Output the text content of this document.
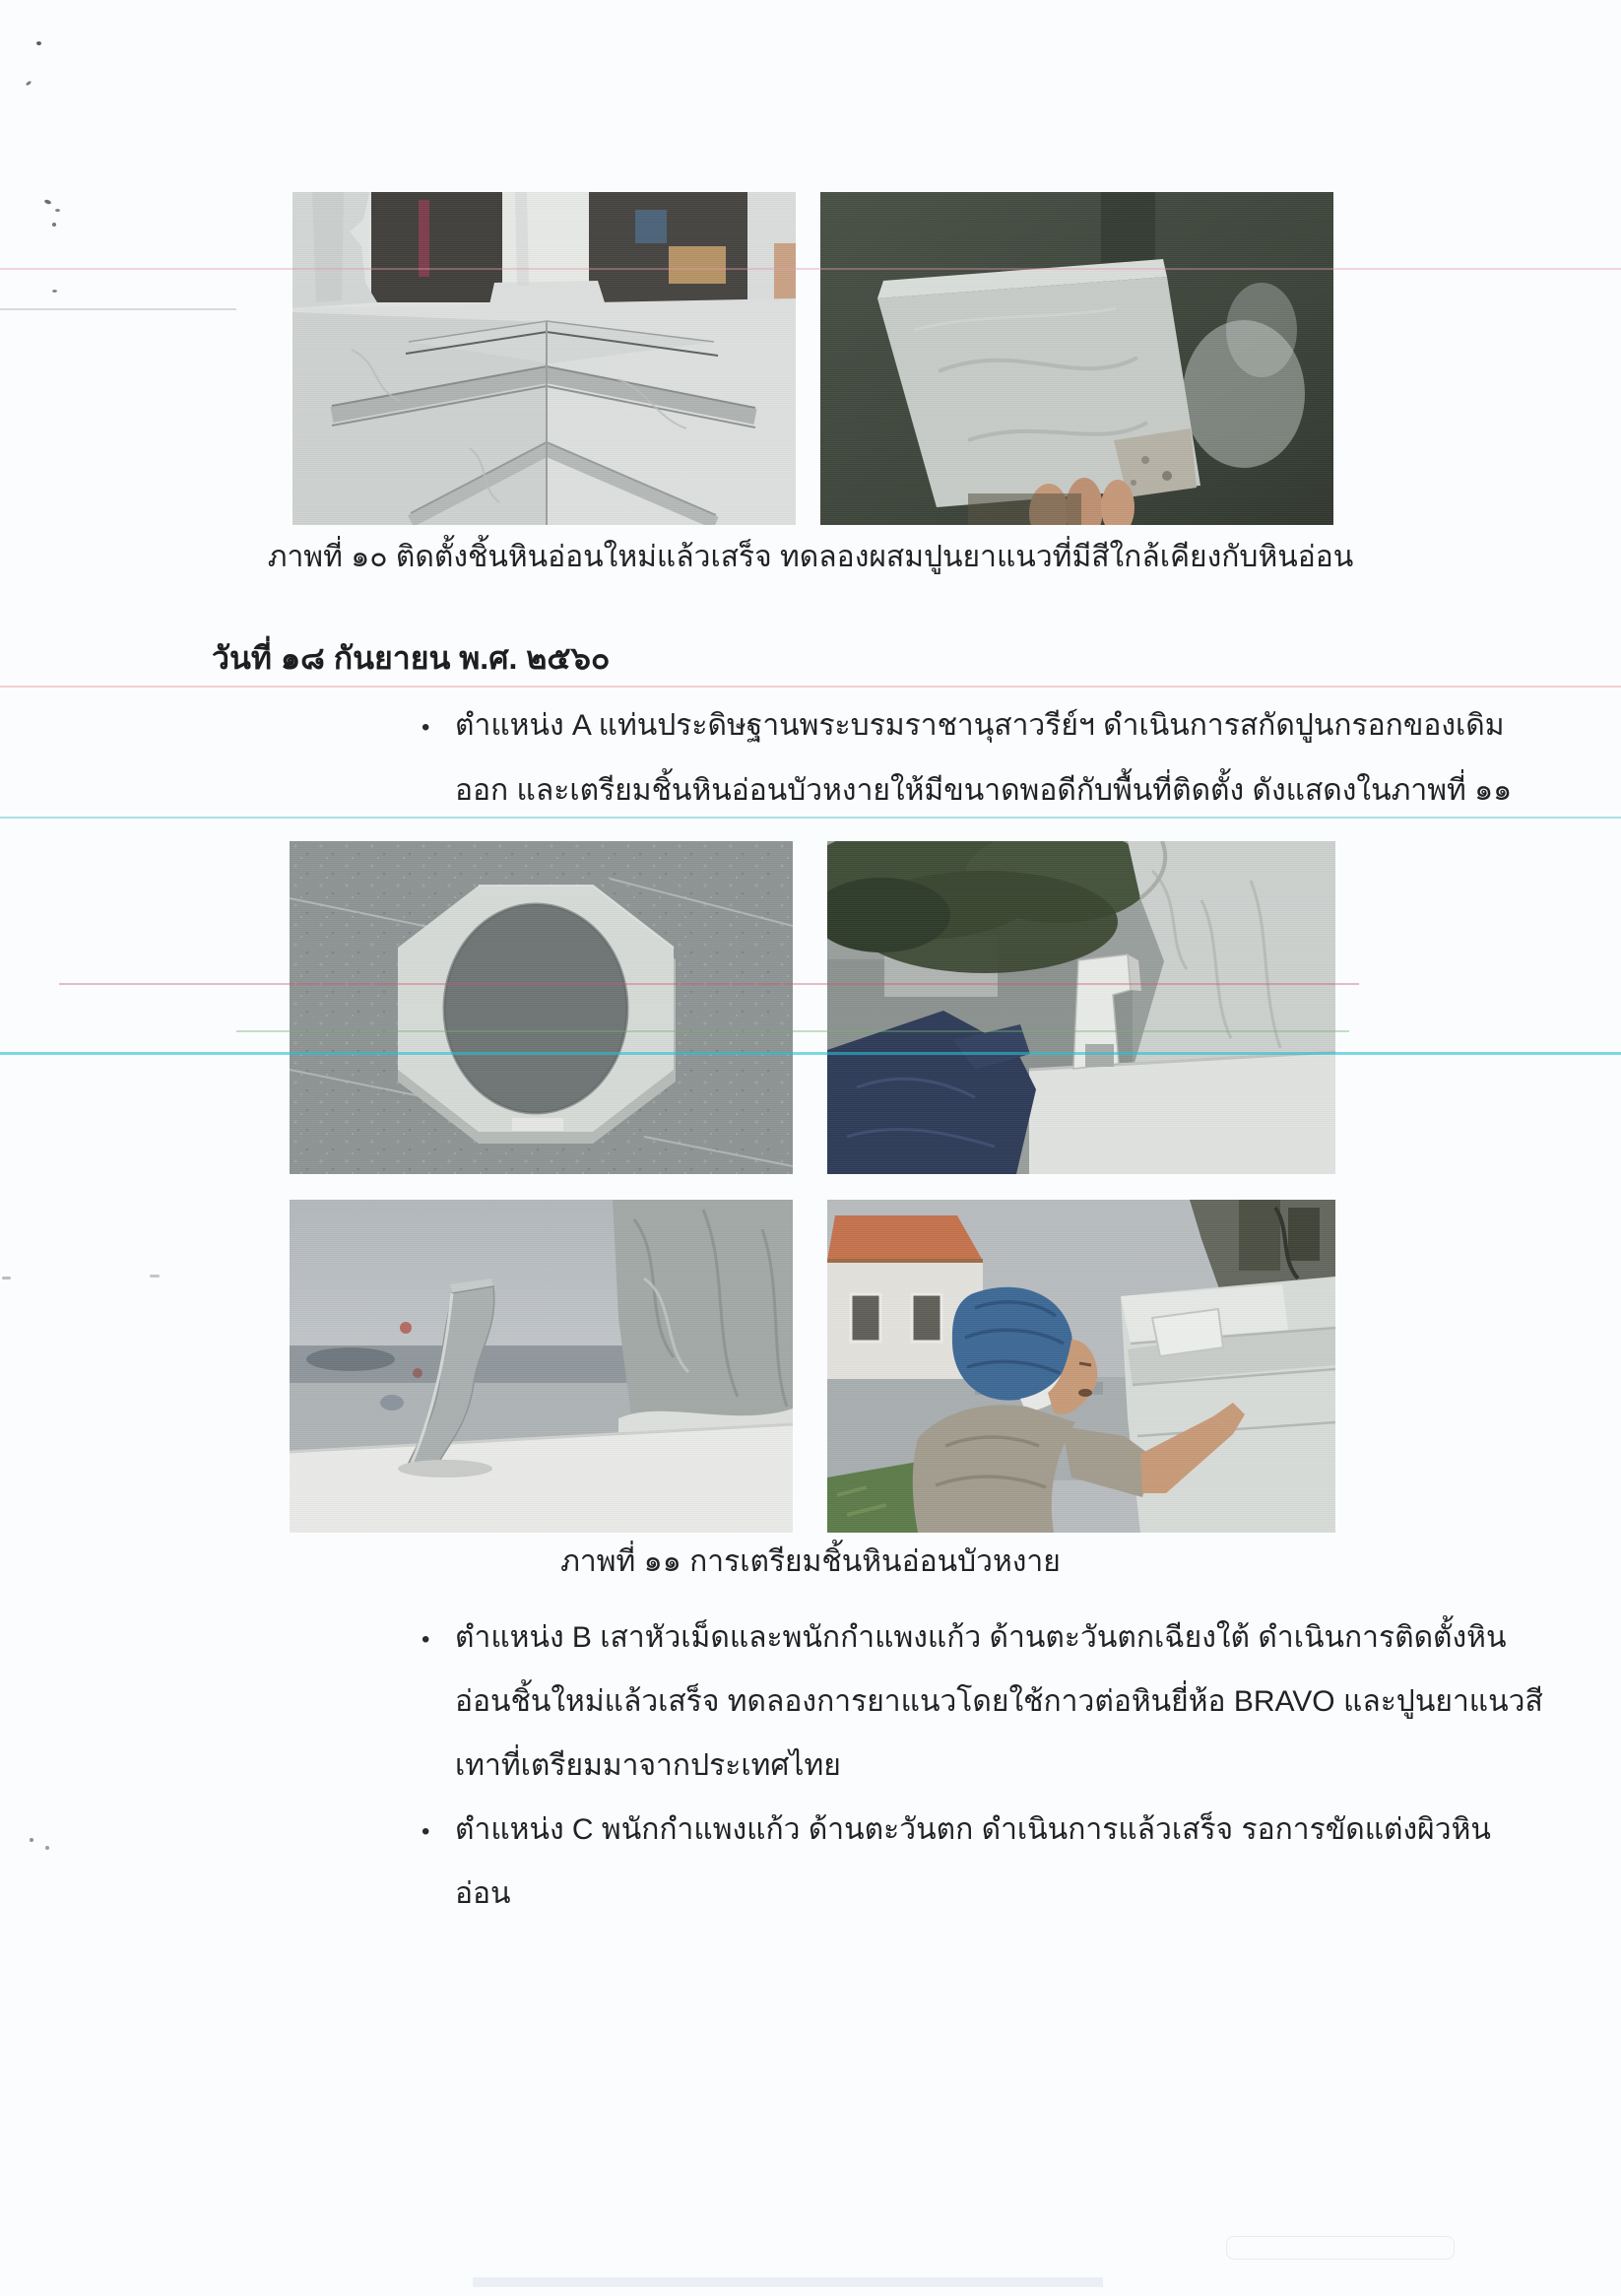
ภาพที่ ๑๐ ติดตั้งชิ้นหินอ่อนใหม่แล้วเสร็จ ทดลองผสมปูนยาแนวที่มีสีใกล้เคียงกับหินอ่อน
วันที่ ๑๘ กันยายน พ.ศ. ๒๕๖๐
• ตำแหน่ง A แท่นประดิษฐานพระบรมราชานุสาวรีย์ฯ ดำเนินการสกัดปูนกรอกของเดิม
ออก และเตรียมชิ้นหินอ่อนบัวหงายให้มีขนาดพอดีกับพื้นที่ติดตั้ง ดังแสดงในภาพที่ ๑๑
ภาพที่ ๑๑ การเตรียมชิ้นหินอ่อนบัวหงาย
• ตำแหน่ง B เสาหัวเม็ดและพนักกำแพงแก้ว ด้านตะวันตกเฉียงใต้ ดำเนินการติดตั้งหิน
อ่อนชิ้นใหม่แล้วเสร็จ ทดลองการยาแนวโดยใช้กาวต่อหินยี่ห้อ BRAVO และปูนยาแนวสี
เทาที่เตรียมมาจากประเทศไทย
• ตำแหน่ง C พนักกำแพงแก้ว ด้านตะวันตก ดำเนินการแล้วเสร็จ รอการขัดแต่งผิวหิน
อ่อน
